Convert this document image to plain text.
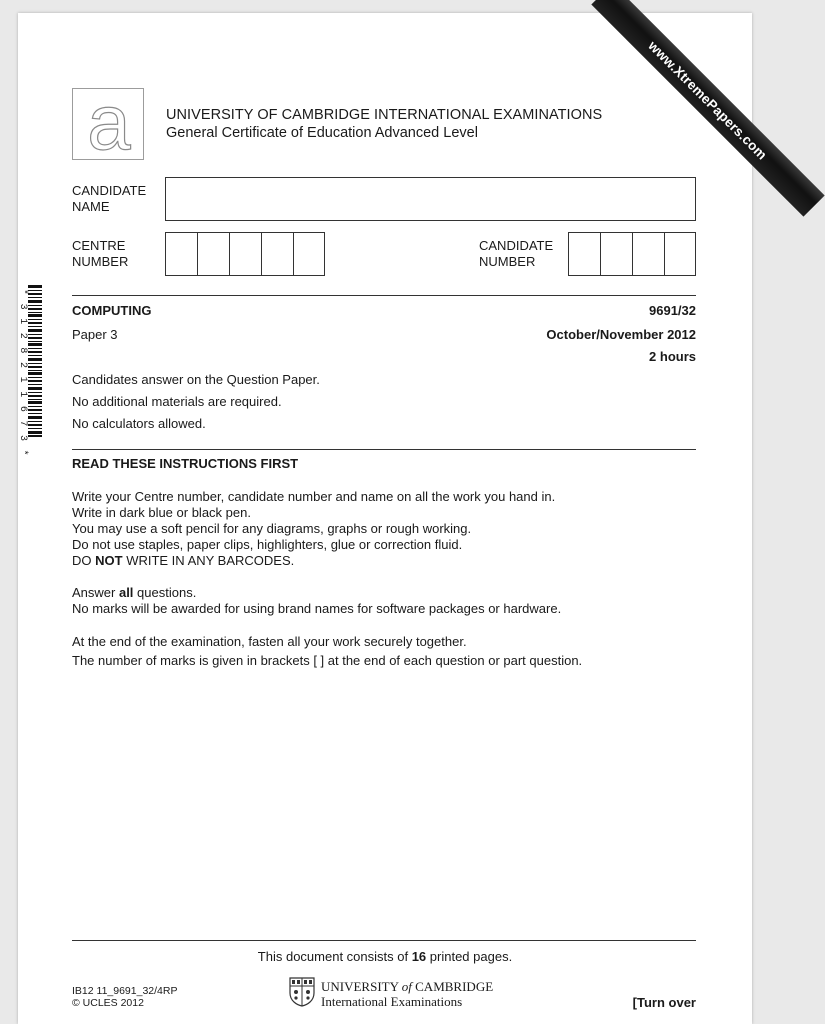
www.XtremePapers.com
a UNIVERSITY OF CAMBRIDGE INTERNATIONAL EXAMINATIONS
General Certificate of Education Advanced Level
CANDIDATE
NAME
CENTRE
NUMBER
CANDIDATE
NUMBER
* 3 1 2 8 2 1 1 6 7 3 *	COMPUTING	9691/32
Paper 3	October/November 2012
2 hours
Candidates answer on the Question Paper.
No additional materials are required.
No calculators allowed.
READ THESE INSTRUCTIONS FIRST

Write your Centre number, candidate number and name on all the work you hand in.

Write in dark blue or black pen.

You may use a soft pencil for any diagrams, graphs or rough working.

Do not use staples, paper clips, highlighters, glue or correction fluid.

DO NOT WRITE IN ANY BARCODES.

Answer all questions.

No marks will be awarded for using brand names for software packages or hardware.

At the end of the examination, fasten all your work securely together.

The number of marks is given in brackets [ ] at the end of each question or part question.

This document consists of 16 printed pages.
IB12 11_9691_32/4RP
© UCLES 2012
UNIVERSITY of CAMBRIDGE
International Examinations	[Turn over
